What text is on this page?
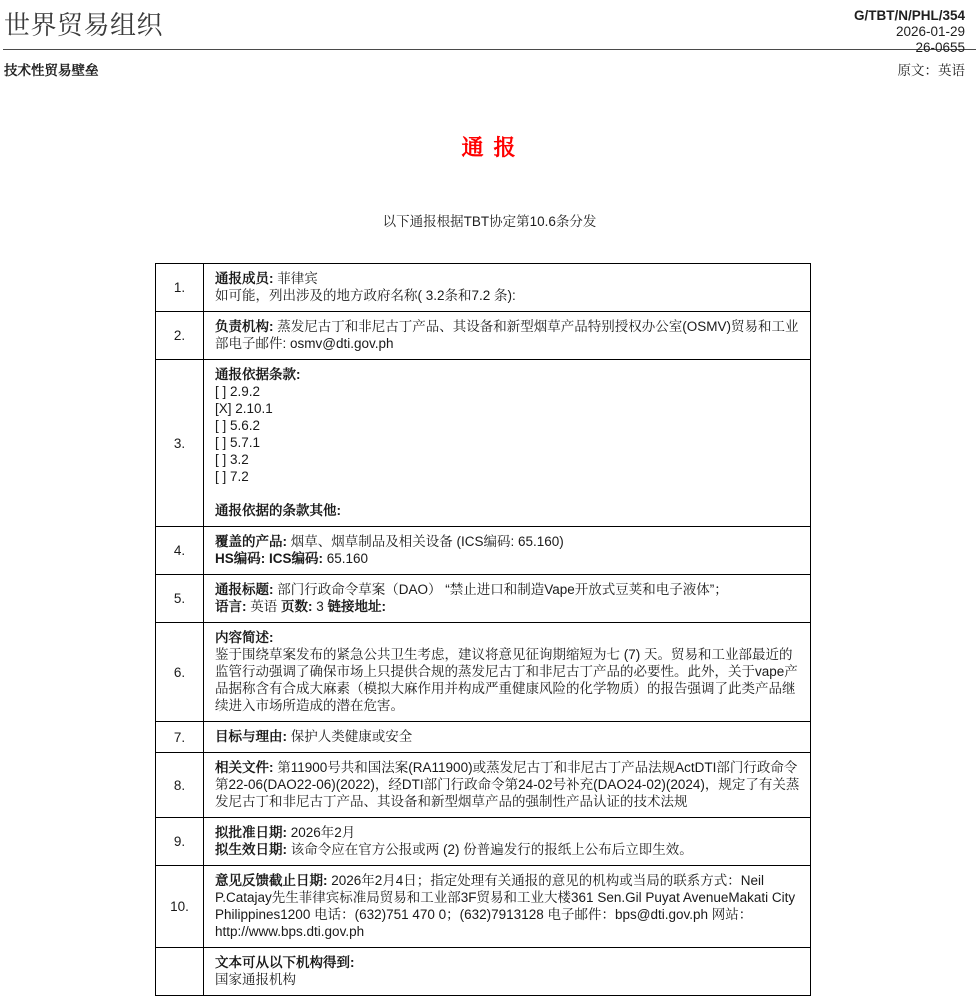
世界贸易组织	G/TBT/N/PHL/354
2026-01-29
26-0655
技术性贸易壁垒	原文：英语
通 报
以下通报根据TBT协定第10.6条分发
1.	通报成员: 菲律宾
如可能，列出涉及的地方政府名称( 3.2条和7.2 条):

2.	负责机构: 蒸发尼古丁和非尼古丁产品、其设备和新型烟草产品特别授权办公室(OSMV)贸易和工业部电子邮件: osmv@dti.gov.ph

3.	
通报依据条款:
[ ] 2.9.2
[X] 2.10.1
[ ] 5.6.2
[ ] 5.7.1
[ ] 3.2
[ ] 7.2

通报依据的条款其他:

4.	覆盖的产品: 烟草、烟草制品及相关设备 (ICS编码: 65.160)
HS编码: ICS编码: 65.160

5.	通报标题: 部门行政命令草案（DAO） “禁止进口和制造Vape开放式豆荚和电子液体”；
语言: 英语 页数: 3 链接地址:

6.	内容简述:
鉴于围绕草案发布的紧急公共卫生考虑，建议将意见征询期缩短为七 (7) 天。贸易和工业部最近的监管行动强调了确保市场上只提供合规的蒸发尼古丁和非尼古丁产品的必要性。此外，关于vape产品据称含有合成大麻素（模拟大麻作用并构成严重健康风险的化学物质）的报告强调了此类产品继续进入市场所造成的潜在危害。

7.	目标与理由: 保护人类健康或安全

8.	相关文件: 第11900号共和国法案(RA11900)或蒸发尼古丁和非尼古丁产品法规ActDTI部门行政命令第22-06(DAO22-06)(2022)，经DTI部门行政命令第24-02号补充(DAO24-02)(2024)，规定了有关蒸发尼古丁和非尼古丁产品、其设备和新型烟草产品的强制性产品认证的技术法规

9.	拟批准日期: 2026年2月
拟生效日期: 该命令应在官方公报或两 (2) 份普遍发行的报纸上公布后立即生效。

10.	意见反馈截止日期: 2026年2月4日；指定处理有关通报的意见的机构或当局的联系方式：Neil P.Catajay先生菲律宾标准局贸易和工业部3F贸易和工业大楼361 Sen.Gil Puyat AvenueMakati City Philippines1200 电话：(632)751 470 0；(632)7913128 电子邮件：bps@dti.gov.ph 网站：http://www.bps.dti.gov.ph

	文本可从以下机构得到:
国家通报机构
